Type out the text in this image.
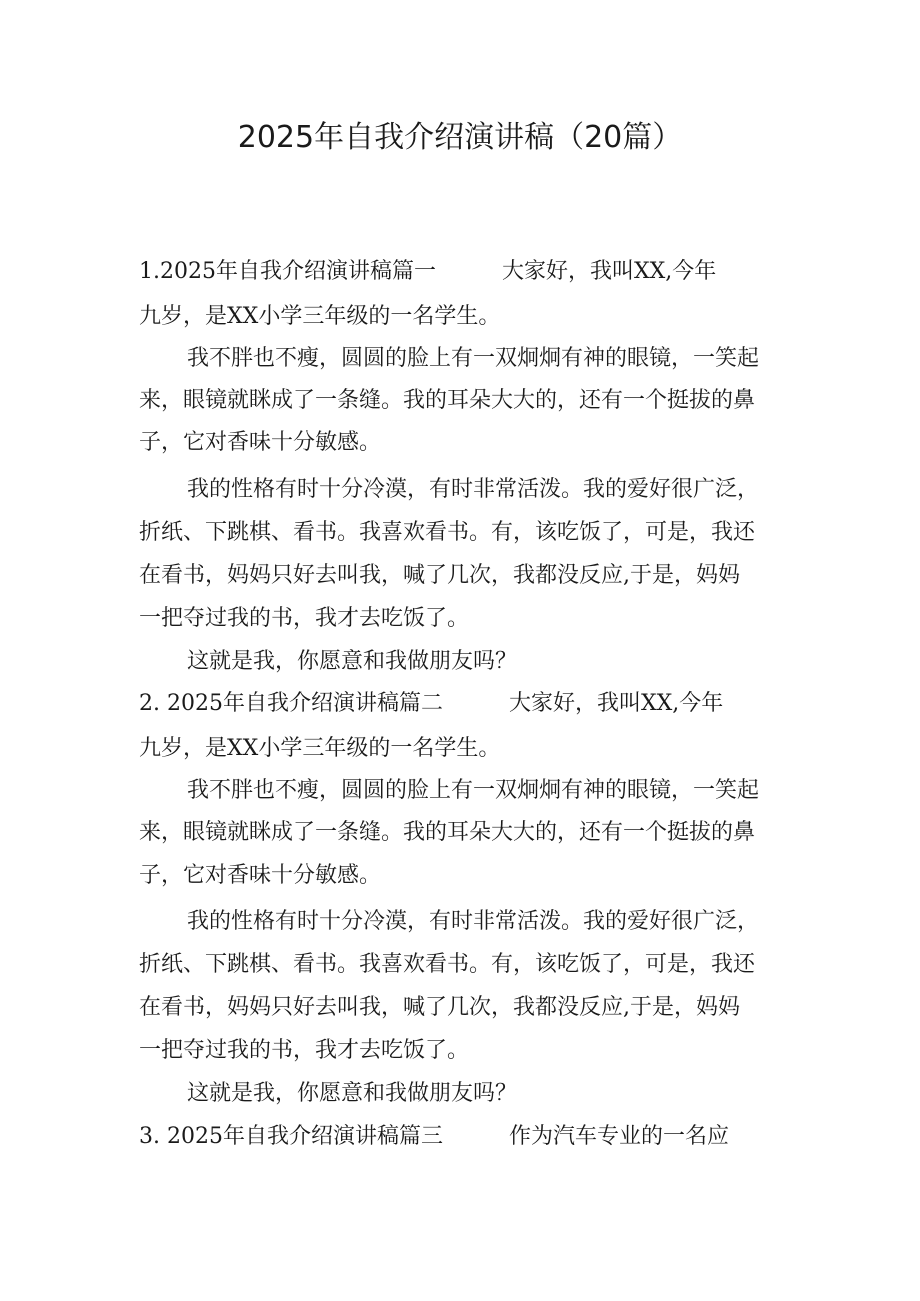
2025年自我介绍演讲稿（20篇）
1.2025年自我介绍演讲稿篇一	大家好，我叫XX,今年
九岁，是XX小学三年级的一名学生。
我不胖也不瘦，圆圆的脸上有一双炯炯有神的眼镜，一笑起
来，眼镜就眯成了一条缝。我的耳朵大大的，还有一个挺拔的鼻
子，它对香味十分敏感。
我的性格有时十分冷漠，有时非常活泼。我的爱好很广泛，
折纸、下跳棋、看书。我喜欢看书。有，该吃饭了，可是，我还
在看书，妈妈只好去叫我，喊了几次，我都没反应,于是，妈妈
一把夺过我的书，我才去吃饭了。
这就是我，你愿意和我做朋友吗？
2. 2025年自我介绍演讲稿篇二	大家好，我叫XX,今年
九岁，是XX小学三年级的一名学生。
我不胖也不瘦，圆圆的脸上有一双炯炯有神的眼镜，一笑起
来，眼镜就眯成了一条缝。我的耳朵大大的，还有一个挺拔的鼻
子，它对香味十分敏感。
我的性格有时十分冷漠，有时非常活泼。我的爱好很广泛，
折纸、下跳棋、看书。我喜欢看书。有，该吃饭了，可是，我还
在看书，妈妈只好去叫我，喊了几次，我都没反应,于是，妈妈
一把夺过我的书，我才去吃饭了。
这就是我，你愿意和我做朋友吗？
3. 2025年自我介绍演讲稿篇三	作为汽车专业的一名应
